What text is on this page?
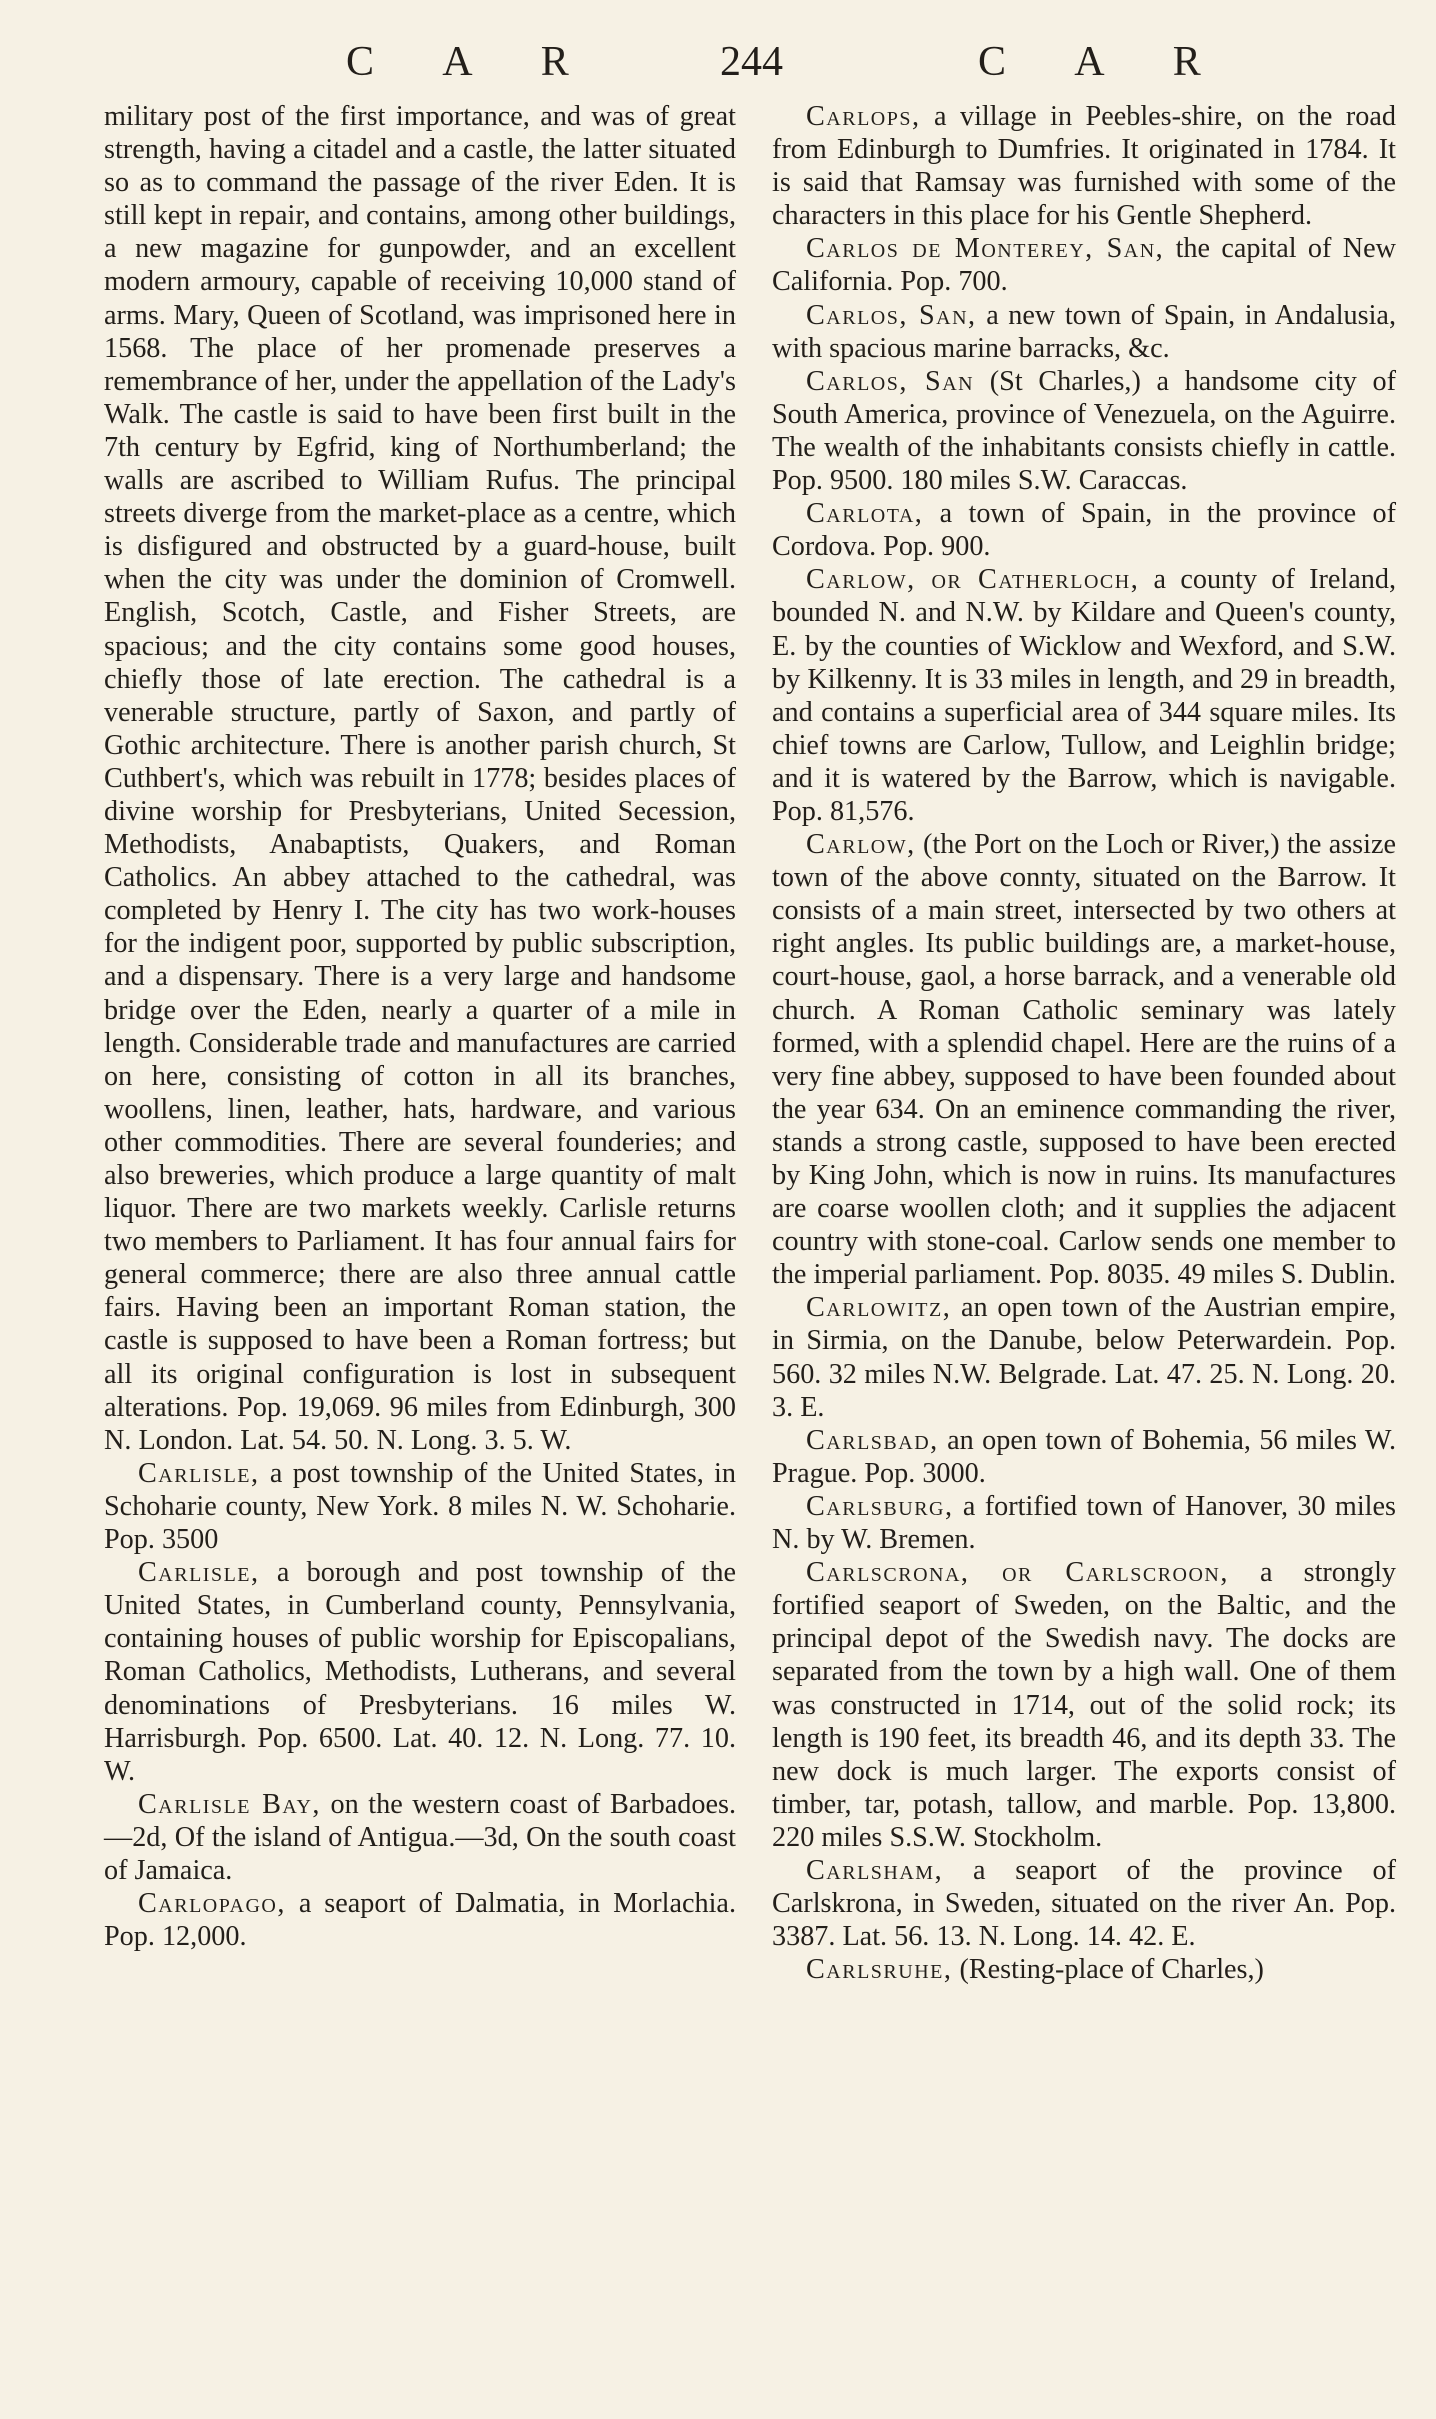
C A R	244	C A R

military post of the first importance, and was of great strength, having a citadel and a castle, the latter situated so as to command the passage of the river Eden. It is still kept in repair, and contains, among other buildings, a new magazine for gunpowder, and an excellent modern armoury, capable of receiving 10,000 stand of arms. Mary, Queen of Scotland, was imprisoned here in 1568. The place of her promenade preserves a remembrance of her, under the appellation of the Lady's Walk. The castle is said to have been first built in the 7th century by Egfrid, king of Northumberland; the walls are ascribed to William Rufus. The principal streets diverge from the market-place as a centre, which is disfigured and obstructed by a guard-house, built when the city was under the dominion of Cromwell. English, Scotch, Castle, and Fisher Streets, are spacious; and the city contains some good houses, chiefly those of late erection. The cathedral is a venerable structure, partly of Saxon, and partly of Gothic architecture. There is another parish church, St Cuthbert's, which was rebuilt in 1778; besides places of divine worship for Presbyterians, United Secession, Methodists, Anabaptists, Quakers, and Roman Catholics. An abbey attached to the cathedral, was completed by Henry I. The city has two work-houses for the indigent poor, supported by public subscription, and a dispensary. There is a very large and handsome bridge over the Eden, nearly a quarter of a mile in length. Considerable trade and manufactures are carried on here, consisting of cotton in all its branches, woollens, linen, leather, hats, hardware, and various other commodities. There are several founderies; and also breweries, which produce a large quantity of malt liquor. There are two markets weekly. Carlisle returns two members to Parliament. It has four annual fairs for general commerce; there are also three annual cattle fairs. Having been an important Roman station, the castle is supposed to have been a Roman fortress; but all its original configuration is lost in subsequent alterations. Pop. 19,069. 96 miles from Edinburgh, 300 N. London. Lat. 54. 50. N. Long. 3. 5. W.

Carlisle, a post township of the United States, in Schoharie county, New York. 8 miles N. W. Schoharie. Pop. 3500

Carlisle, a borough and post township of the United States, in Cumberland county, Pennsylvania, containing houses of public worship for Episcopalians, Roman Catholics, Methodists, Lutherans, and several denominations of Presbyterians. 16 miles W. Harrisburgh. Pop. 6500. Lat. 40. 12. N. Long. 77. 10. W.

Carlisle Bay, on the western coast of Barbadoes.—2d, Of the island of Antigua.—3d, On the south coast of Jamaica.

Carlopago, a seaport of Dalmatia, in Morlachia. Pop. 12,000.

Carlops, a village in Peebles-shire, on the road from Edinburgh to Dumfries. It originated in 1784. It is said that Ramsay was furnished with some of the characters in this place for his Gentle Shepherd.

Carlos de Monterey, San, the capital of New California. Pop. 700.

Carlos, San, a new town of Spain, in Andalusia, with spacious marine barracks, &c.

Carlos, San (St Charles,) a handsome city of South America, province of Venezuela, on the Aguirre. The wealth of the inhabitants consists chiefly in cattle. Pop. 9500. 180 miles S.W. Caraccas.

Carlota, a town of Spain, in the province of Cordova. Pop. 900.

Carlow, or Catherloch, a county of Ireland, bounded N. and N.W. by Kildare and Queen's county, E. by the counties of Wicklow and Wexford, and S.W. by Kilkenny. It is 33 miles in length, and 29 in breadth, and contains a superficial area of 344 square miles. Its chief towns are Carlow, Tullow, and Leighlin bridge; and it is watered by the Barrow, which is navigable. Pop. 81,576.

Carlow, (the Port on the Loch or River,) the assize town of the above connty, situated on the Barrow. It consists of a main street, intersected by two others at right angles. Its public buildings are, a market-house, court-house, gaol, a horse barrack, and a venerable old church. A Roman Catholic seminary was lately formed, with a splendid chapel. Here are the ruins of a very fine abbey, supposed to have been founded about the year 634. On an eminence commanding the river, stands a strong castle, supposed to have been erected by King John, which is now in ruins. Its manufactures are coarse woollen cloth; and it supplies the adjacent country with stone-coal. Carlow sends one member to the imperial parliament. Pop. 8035. 49 miles S. Dublin.

Carlowitz, an open town of the Austrian empire, in Sirmia, on the Danube, below Peterwardein. Pop. 560. 32 miles N.W. Belgrade. Lat. 47. 25. N. Long. 20. 3. E.

Carlsbad, an open town of Bohemia, 56 miles W. Prague. Pop. 3000.

Carlsburg, a fortified town of Hanover, 30 miles N. by W. Bremen.

Carlscrona, or Carlscroon, a strongly fortified seaport of Sweden, on the Baltic, and the principal depot of the Swedish navy. The docks are separated from the town by a high wall. One of them was constructed in 1714, out of the solid rock; its length is 190 feet, its breadth 46, and its depth 33. The new dock is much larger. The exports consist of timber, tar, potash, tallow, and marble. Pop. 13,800. 220 miles S.S.W. Stockholm.

Carlsham, a seaport of the province of Carlskrona, in Sweden, situated on the river An. Pop. 3387. Lat. 56. 13. N. Long. 14. 42. E.

Carlsruhe, (Resting-place of Charles,)
